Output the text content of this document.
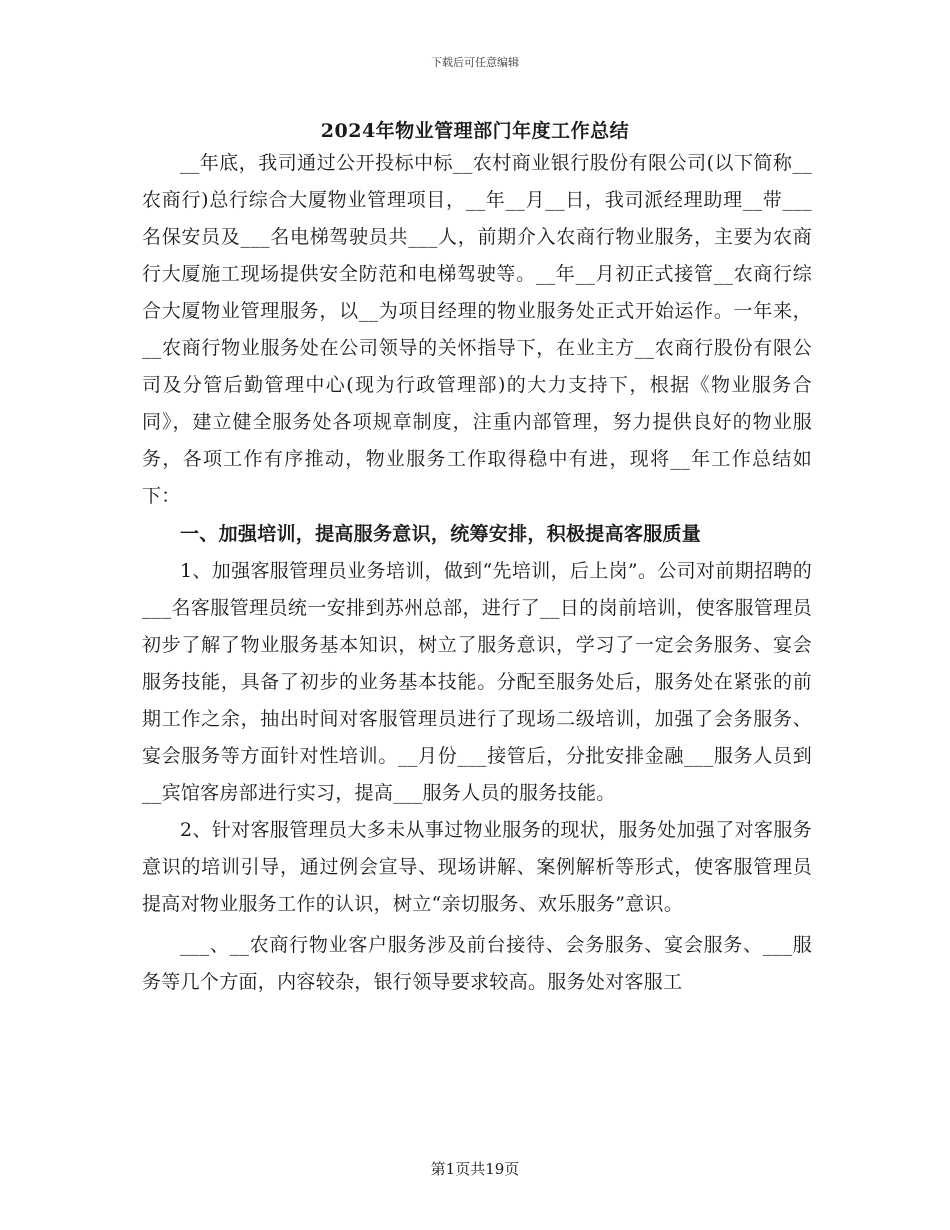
下载后可任意编辑
2024年物业管理部门年度工作总结

__年底，我司通过公开投标中标__农村商业银行股份有限公司(以下简称__农商行)总行综合大厦物业管理项目，__年__月__日，我司派经理助理__带___名保安员及___名电梯驾驶员共___人，前期介入农商行物业服务，主要为农商行大厦施工现场提供安全防范和电梯驾驶等。__年__月初正式接管__农商行综合大厦物业管理服务，以__为项目经理的物业服务处正式开始运作。一年来，__农商行物业服务处在公司领导的关怀指导下，在业主方__农商行股份有限公司及分管后勤管理中心(现为行政管理部)的大力支持下，根据《物业服务合同》，建立健全服务处各项规章制度，注重内部管理，努力提供良好的物业服务，各项工作有序推动，物业服务工作取得稳中有进，现将__年工作总结如下：

一、加强培训，提高服务意识，统筹安排，积极提高客服质量

1、加强客服管理员业务培训，做到“先培训，后上岗”。公司对前期招聘的___名客服管理员统一安排到苏州总部，进行了__日的岗前培训，使客服管理员初步了解了物业服务基本知识，树立了服务意识，学习了一定会务服务、宴会服务技能，具备了初步的业务基本技能。分配至服务处后，服务处在紧张的前期工作之余，抽出时间对客服管理员进行了现场二级培训，加强了会务服务、宴会服务等方面针对性培训。__月份___接管后，分批安排金融___服务人员到__宾馆客房部进行实习，提高___服务人员的服务技能。

2、针对客服管理员大多未从事过物业服务的现状，服务处加强了对客服务意识的培训引导，通过例会宣导、现场讲解、案例解析等形式，使客服管理员提高对物业服务工作的认识，树立“亲切服务、欢乐服务”意识。

___、__农商行物业客户服务涉及前台接待、会务服务、宴会服务、___服务等几个方面，内容较杂，银行领导要求较高。服务处对客服工

第1页共19页
